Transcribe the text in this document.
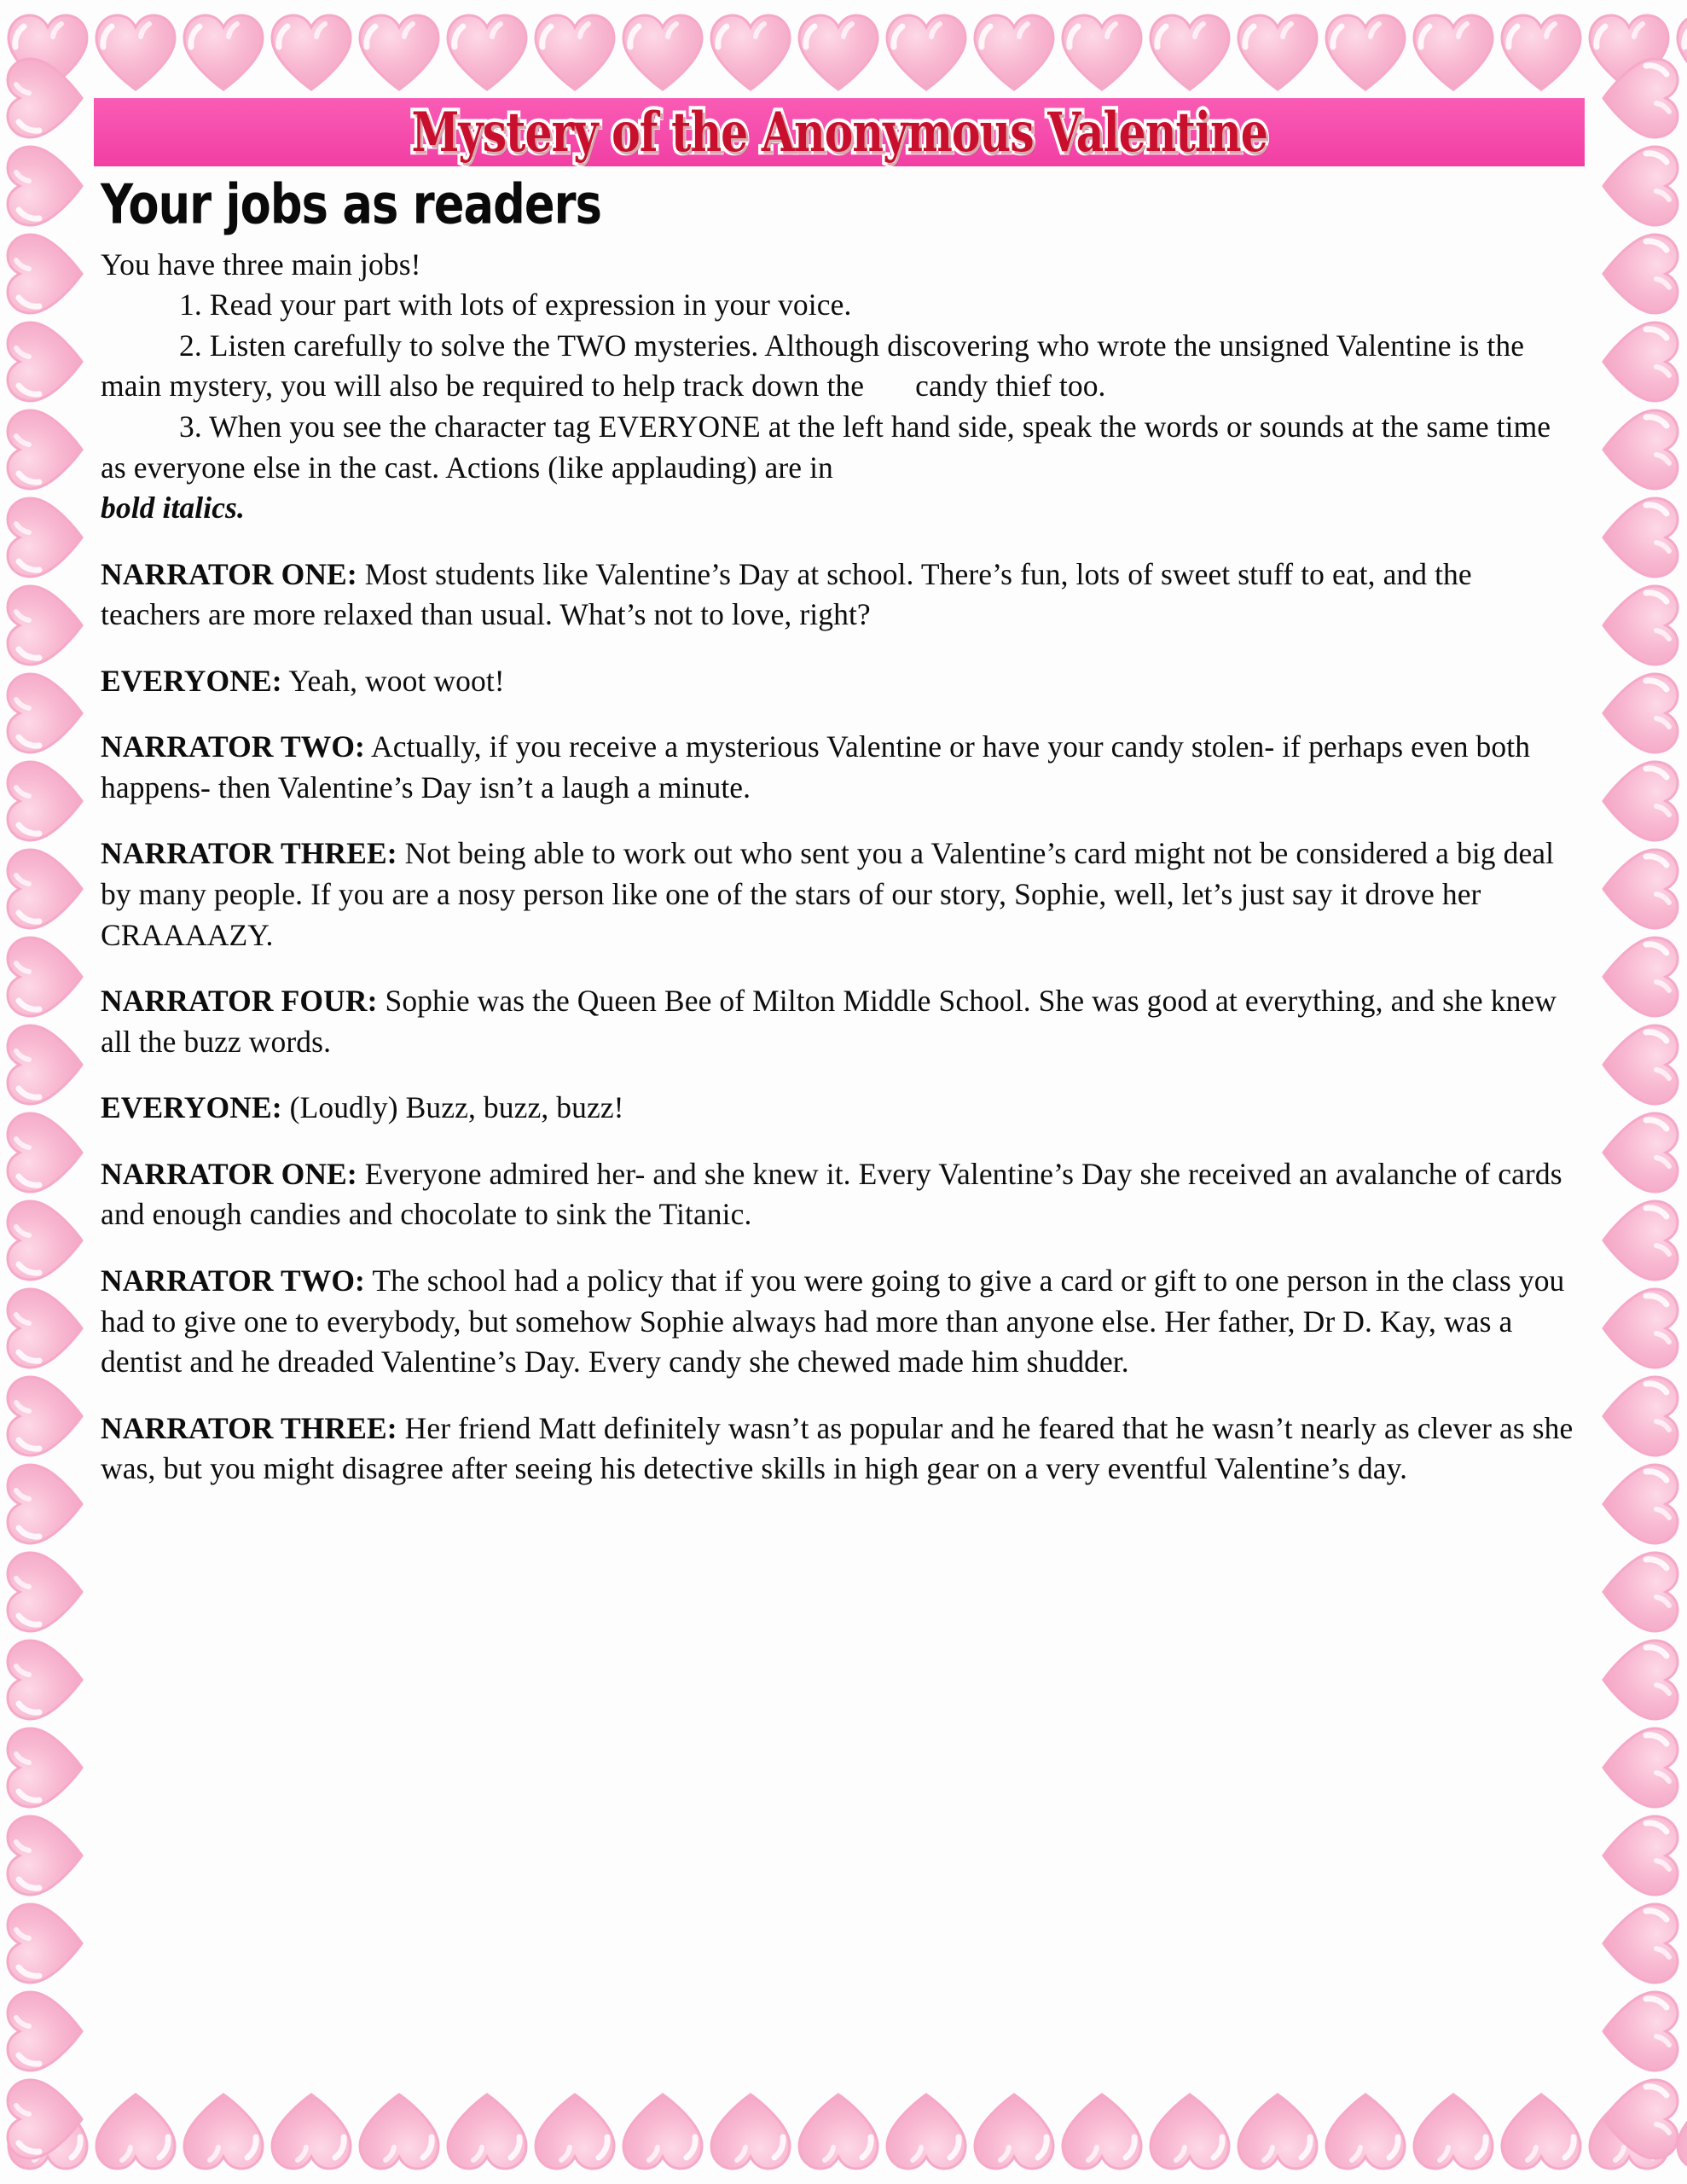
Mystery of the Anonymous Valentine
Your jobs as readers

You have three main jobs!
1. Read your part with lots of expression in your voice.
2. Listen carefully to solve the TWO mysteries. Although discovering who wrote the unsigned Valentine is the main mystery, you will also be required to help track down the candy thief too.
3. When you see the character tag EVERYONE at the left hand side, speak the words or sounds at the same time as everyone else in the cast. Actions (like applauding) are in
bold italics.

NARRATOR ONE: Most students like Valentine’s Day at school. There’s fun, lots of sweet stuff to eat, and the teachers are more relaxed than usual. What’s not to love, right?

EVERYONE: Yeah, woot woot!

NARRATOR TWO: Actually, if you receive a mysterious Valentine or have your candy stolen- if perhaps even both happens- then Valentine’s Day isn’t a laugh a minute.

NARRATOR THREE: Not being able to work out who sent you a Valentine’s card might not be considered a big deal by many people. If you are a nosy person like one of the stars of our story, Sophie, well, let’s just say it drove her CRAAAAZY.

NARRATOR FOUR: Sophie was the Queen Bee of Milton Middle School. She was good at everything, and she knew all the buzz words.

EVERYONE: (Loudly) Buzz, buzz, buzz!

NARRATOR ONE: Everyone admired her- and she knew it. Every Valentine’s Day she received an avalanche of cards and enough candies and chocolate to sink the Titanic.

NARRATOR TWO: The school had a policy that if you were going to give a card or gift to one person in the class you had to give one to everybody, but somehow Sophie always had more than anyone else. Her father, Dr D. Kay, was a dentist and he dreaded Valentine’s Day. Every candy she chewed made him shudder.

NARRATOR THREE: Her friend Matt definitely wasn’t as popular and he feared that he wasn’t nearly as clever as she was, but you might disagree after seeing his detective skills in high gear on a very eventful Valentine’s day.
